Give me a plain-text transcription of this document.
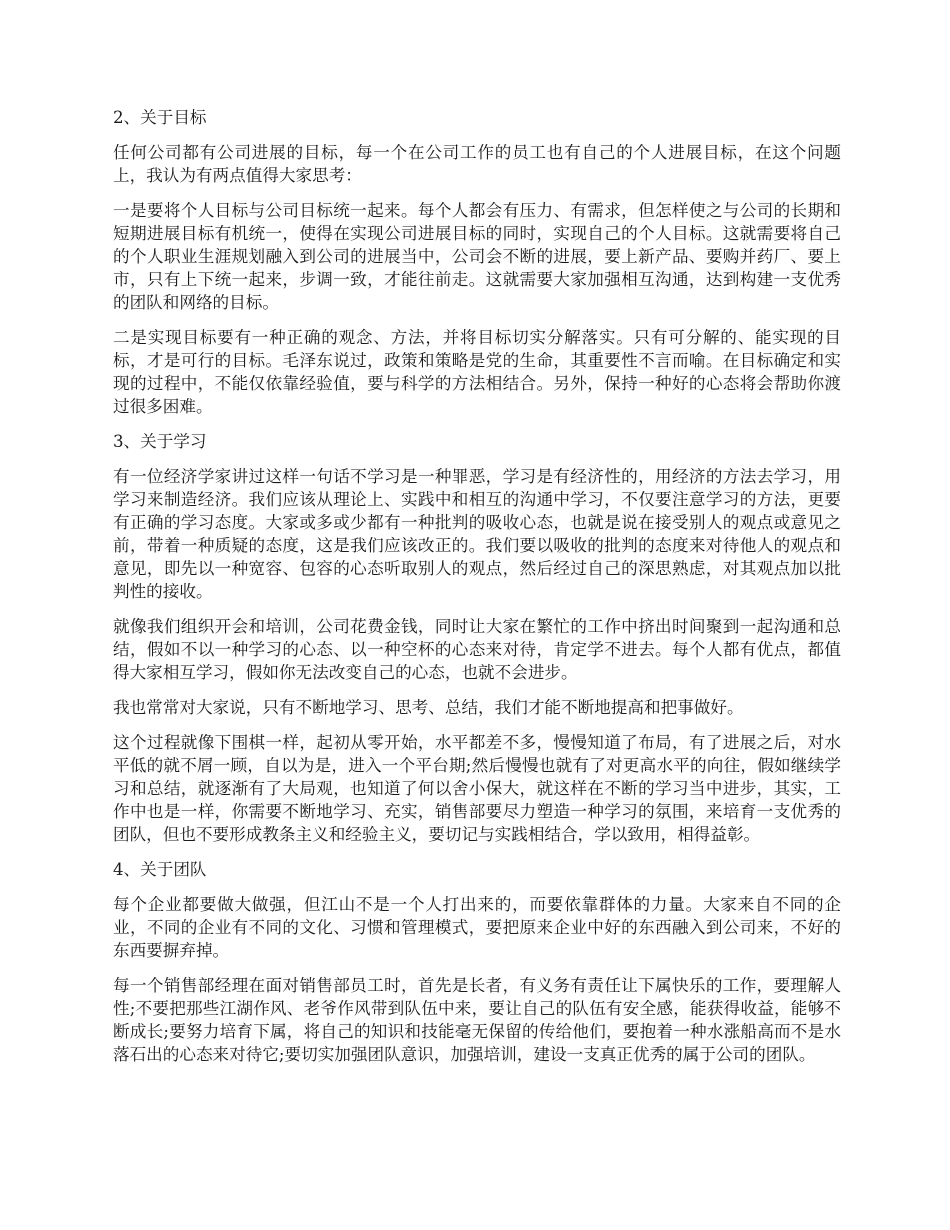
2、关于目标

任何公司都有公司进展的目标，每一个在公司工作的员工也有自己的个人进展目标，在这个问题上，我认为有两点值得大家思考：

一是要将个人目标与公司目标统一起来。每个人都会有压力、有需求，但怎样使之与公司的长期和短期进展目标有机统一，使得在实现公司进展目标的同时，实现自己的个人目标。这就需要将自己的个人职业生涯规划融入到公司的进展当中，公司会不断的进展，要上新产品、要购并药厂、要上市，只有上下统一起来，步调一致，才能往前走。这就需要大家加强相互沟通，达到构建一支优秀的团队和网络的目标。

二是实现目标要有一种正确的观念、方法，并将目标切实分解落实。只有可分解的、能实现的目标，才是可行的目标。毛泽东说过，政策和策略是党的生命，其重要性不言而喻。在目标确定和实现的过程中，不能仅依靠经验值，要与科学的方法相结合。另外，保持一种好的心态将会帮助你渡过很多困难。

3、关于学习

有一位经济学家讲过这样一句话不学习是一种罪恶，学习是有经济性的，用经济的方法去学习，用学习来制造经济。我们应该从理论上、实践中和相互的沟通中学习，不仅要注意学习的方法，更要有正确的学习态度。大家或多或少都有一种批判的吸收心态，也就是说在接受别人的观点或意见之前，带着一种质疑的态度，这是我们应该改正的。我们要以吸收的批判的态度来对待他人的观点和意见，即先以一种宽容、包容的心态听取别人的观点，然后经过自己的深思熟虑，对其观点加以批判性的接收。

就像我们组织开会和培训，公司花费金钱，同时让大家在繁忙的工作中挤出时间聚到一起沟通和总结，假如不以一种学习的心态、以一种空杯的心态来对待，肯定学不进去。每个人都有优点，都值得大家相互学习，假如你无法改变自己的心态，也就不会进步。

我也常常对大家说，只有不断地学习、思考、总结，我们才能不断地提高和把事做好。

这个过程就像下围棋一样，起初从零开始，水平都差不多，慢慢知道了布局，有了进展之后，对水平低的就不屑一顾，自以为是，进入一个平台期;然后慢慢也就有了对更高水平的向往，假如继续学习和总结，就逐渐有了大局观，也知道了何以舍小保大，就这样在不断的学习当中进步，其实，工作中也是一样，你需要不断地学习、充实，销售部要尽力塑造一种学习的氛围，来培育一支优秀的团队，但也不要形成教条主义和经验主义，要切记与实践相结合，学以致用，相得益彰。

4、关于团队

每个企业都要做大做强，但江山不是一个人打出来的，而要依靠群体的力量。大家来自不同的企业，不同的企业有不同的文化、习惯和管理模式，要把原来企业中好的东西融入到公司来，不好的东西要摒弃掉。

每一个销售部经理在面对销售部员工时，首先是长者，有义务有责任让下属快乐的工作，要理解人性;不要把那些江湖作风、老爷作风带到队伍中来，要让自己的队伍有安全感，能获得收益，能够不断成长;要努力培育下属，将自己的知识和技能毫无保留的传给他们，要抱着一种水涨船高而不是水落石出的心态来对待它;要切实加强团队意识，加强培训，建设一支真正优秀的属于公司的团队。
